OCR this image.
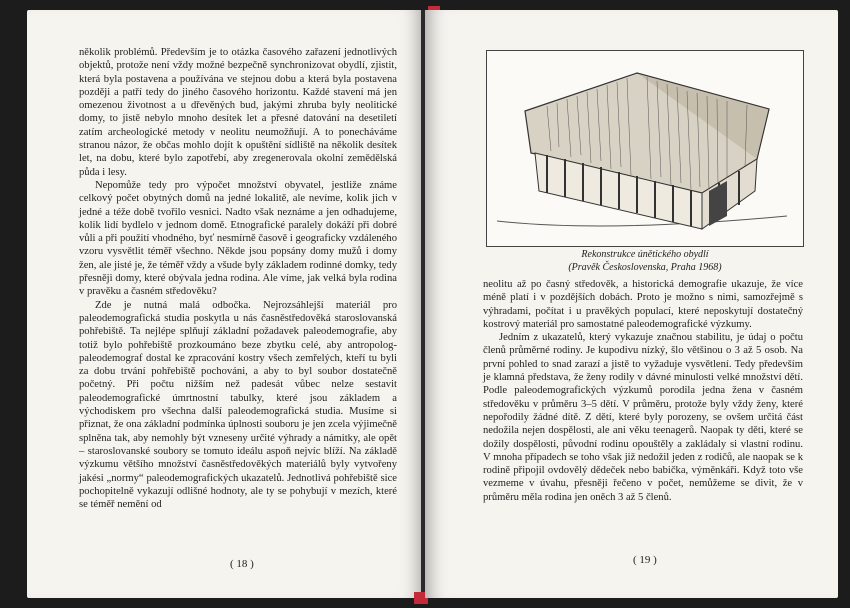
několik problémů. Především je to otázka časového zařazení jednotlivých objektů, protože není vždy možné bezpečně synchronizovat obydlí, zjistit, která byla postavena a používána ve stejnou dobu a která byla postavena později a patří tedy do jiného časového horizontu. Každé stavení má jen omezenou životnost a u dřevěných bud, jakými zhruba byly neolitické domy, to jistě nebylo mnoho desítek let a přesné datování na desetiletí zatím archeologické metody v neolitu neumožňují. A to ponecháváme stranou názor, že občas mohlo dojít k opuštění sídliště na několik desítek let, na dobu, které bylo zapotřebí, aby zregenerovala okolní zemědělská půda i lesy.

Nepomůže tedy pro výpočet množství obyvatel, jestliže známe celkový počet obytných domů na jedné lokalitě, ale nevíme, kolik jich v jedné a téže době tvořilo vesnici. Nadto však neznáme a jen odhadujeme, kolik lidí bydlelo v jednom domě. Etnografické paralely dokáží při dobré vůli a při použití vhodného, byť nesmírně časově i geograficky vzdáleného vzoru vysvětlit téměř všechno. Někde jsou popsány domy mužů i domy žen, ale jisté je, že téměř vždy a všude byly základem rodinné domky, tedy přesněji domy, které obývala jedna rodina. Ale víme, jak velká byla rodina v pravěku a časném středověku?

Zde je nutná malá odbočka. Nejrozsáhlejší materiál pro paleodemografická studia poskytla u nás časněstředověká staroslovanská pohřebiště. Ta nejlépe splňují základní požadavek paleodemografie, aby totiž bylo pohřebiště prozkoumáno beze zbytku celé, aby antropolog-paleodemograf dostal ke zpracování kostry všech zemřelých, kteří tu byli za dobu trvání pohřebiště pochováni, a aby to byl soubor dostatečně početný. Při počtu nižším než padesát vůbec nelze sestavit paleodemografické úmrtnostní tabulky, které jsou základem a východiskem pro všechna další paleodemografická studia. Musíme si přiznat, že ona základní podmínka úplnosti souboru je jen zcela výjimečně splněna tak, aby nemohly být vzneseny určité výhrady a námitky, ale opět – staroslovanské soubory se tomuto ideálu aspoň nejvíc blíží. Na základě výzkumu většího množství časněstředověkých materiálů byly vytvořeny jakési „normy“ paleodemografických ukazatelů. Jednotlivá pohřebiště sice pochopitelně vykazují odlišné hodnoty, ale ty se pohybují v mezích, které se téměř nemění od

( 18 )
Rekonstrukce únětického obydlí
(Pravěk Československa, Praha 1968)

neolitu až po časný středověk, a historická demografie ukazuje, že více méně platí i v pozdějších dobách. Proto je možno s nimi, samozřejmě s výhradami, počítat i u pravěkých populací, které neposkytují dostatečný kostrový materiál pro samostatné paleodemografické výzkumy.

Jedním z ukazatelů, který vykazuje značnou stabilitu, je údaj o počtu členů průměrné rodiny. Je kupodivu nízký, šlo většinou o 3 až 5 osob. Na první pohled to snad zarazí a jistě to vyžaduje vysvětlení. Tedy především je klamná představa, že ženy rodily v dávné minulosti velké množství dětí. Podle paleodemografických výzkumů porodila jedna žena v časném středověku v průměru 3–5 dětí. V průměru, protože byly vždy ženy, které nepořodily žádné dítě. Z dětí, které byly porozeny, se ovšem určitá část nedožila nejen dospělosti, ale ani věku teenagerů. Naopak ty děti, které se dožily dospělosti, původní rodinu opouštěly a zakládaly si vlastní rodinu. V mnoha případech se toho však již nedožil jeden z rodičů, ale naopak se k rodině připojil ovdovělý dědeček nebo babička, výměnkáři. Když toto vše vezmeme v úvahu, přesněji řečeno v počet, nemůžeme se divit, že v průměru měla rodina jen oněch 3 až 5 členů.

( 19 )
